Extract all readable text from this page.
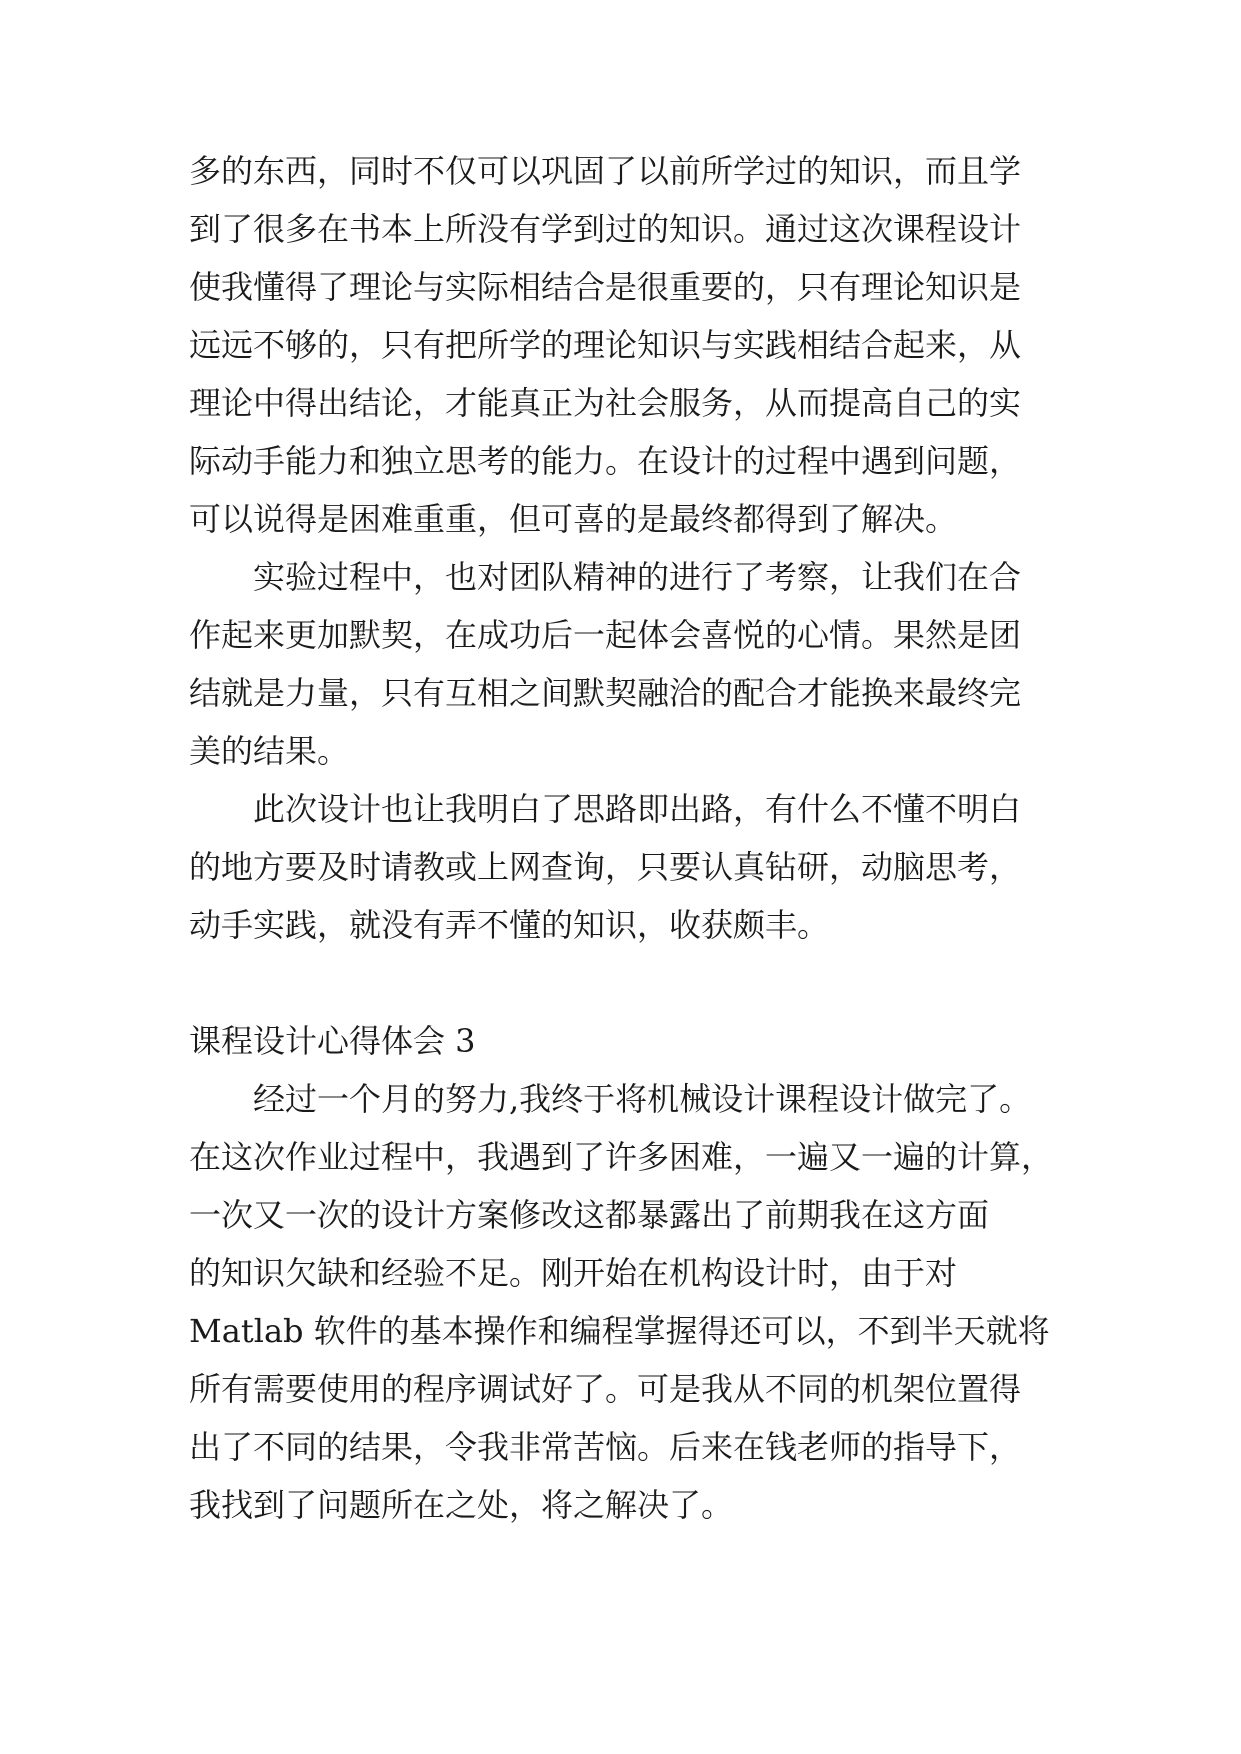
多的东西，同时不仅可以巩固了以前所学过的知识，而且学
到了很多在书本上所没有学到过的知识。通过这次课程设计
使我懂得了理论与实际相结合是很重要的，只有理论知识是
远远不够的，只有把所学的理论知识与实践相结合起来，从
理论中得出结论，才能真正为社会服务，从而提高自己的实
际动手能力和独立思考的能力。在设计的过程中遇到问题，
可以说得是困难重重，但可喜的是最终都得到了解决。
实验过程中，也对团队精神的进行了考察，让我们在合
作起来更加默契，在成功后一起体会喜悦的心情。果然是团
结就是力量，只有互相之间默契融洽的配合才能换来最终完
美的结果。
此次设计也让我明白了思路即出路，有什么不懂不明白
的地方要及时请教或上网查询，只要认真钻研，动脑思考，
动手实践，就没有弄不懂的知识，收获颇丰。
课程设计心得体会 3
经过一个月的努力,我终于将机械设计课程设计做完了。
在这次作业过程中，我遇到了许多困难，一遍又一遍的计算，
一次又一次的设计方案修改这都暴露出了前期我在这方面
的知识欠缺和经验不足。刚开始在机构设计时，由于对
Matlab 软件的基本操作和编程掌握得还可以，不到半天就将
所有需要使用的程序调试好了。可是我从不同的机架位置得
出了不同的结果，令我非常苦恼。后来在钱老师的指导下，
我找到了问题所在之处，将之解决了。
